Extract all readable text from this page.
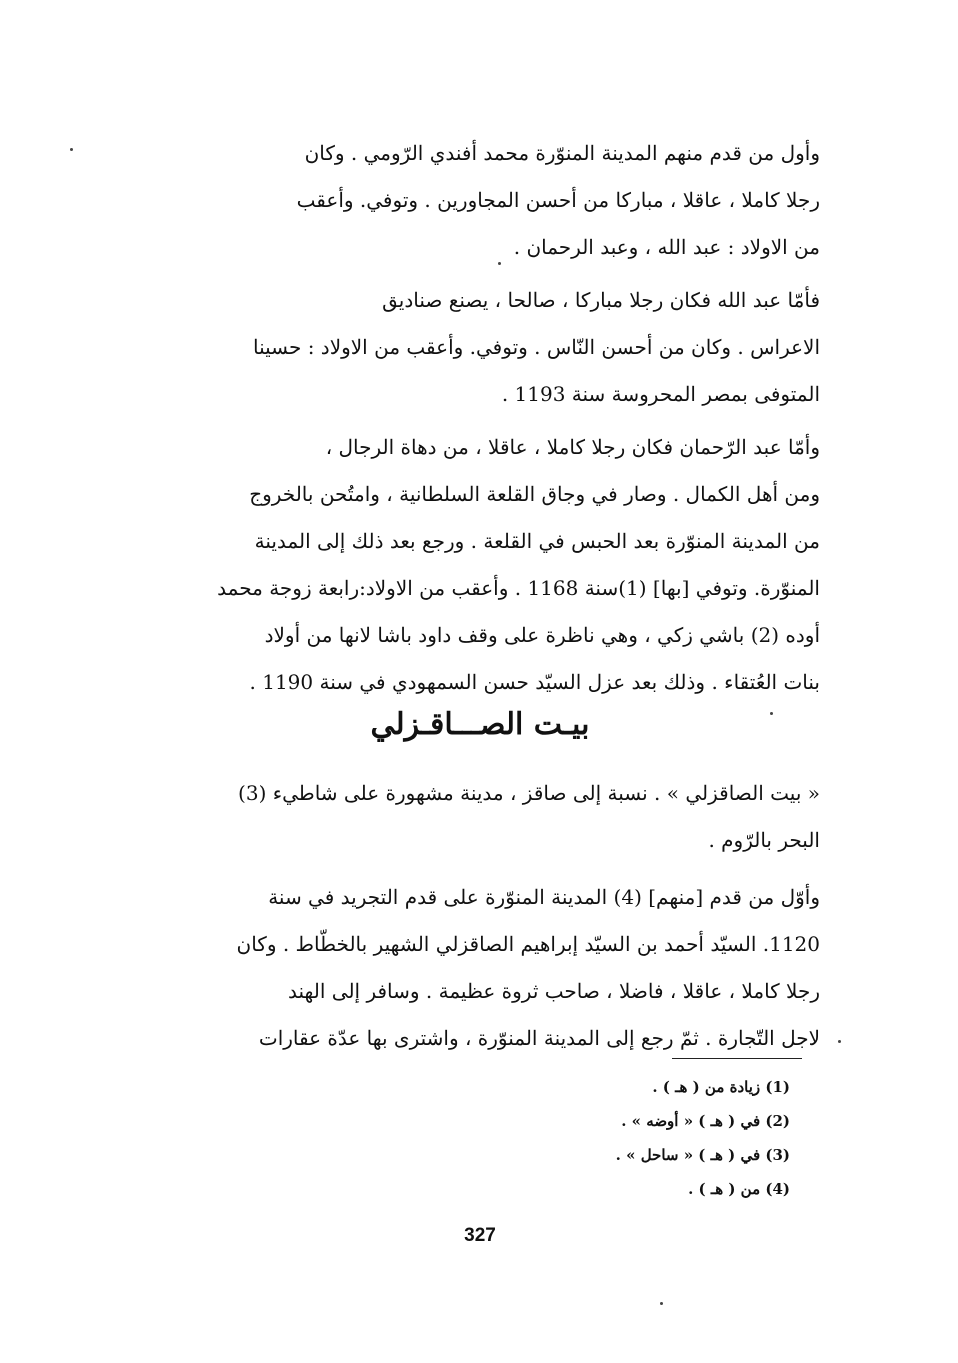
وأول من قدم منهم المدينة المنوّرة محمد أفندي الرّومي . وكان
رجلا كاملا ، عاقلا ، مباركا من أحسن المجاورين . وتوفي. وأعقب
من الاولاد : عبد الله ، وعبد الرحمان .
فأمّا عبد الله فكان رجلا مباركا ، صالحا ، يصنع صناديق
الاعراس . وكان من أحسن النّاس . وتوفي. وأعقب من الاولاد : حسينا
المتوفى بمصر المحروسة سنة 1193 .
وأمّا عبد الرّحمان فكان رجلا كاملا ، عاقلا ، من دهاة الرجال ،
ومن أهل الكمال . وصار في وجاق القلعة السلطانية ، وامتُحن بالخروج
من المدينة المنوّرة بعد الحبس في القلعة . ورجع بعد ذلك إلى المدينة
المنوّرة. وتوفي [بها] (1)سنة 1168 . وأعقب من الاولاد:رابعة زوجة محمد
أوده (2) باشي زكي ، وهي ناظرة على وقف داود باشا لانها من أولاد
بنات العُتقاء . وذلك بعد عزل السيّد حسن السمهودي في سنة 1190 .
بيـت الصـــاقـزلي
« بيت الصاقزلي » . نسبة إلى صاقز ، مدينة مشهورة على شاطيء (3)
البحر بالرّوم .
وأوّل من قدم [منهم] (4) المدينة المنوّرة على قدم التجريد في سنة
1120. السيّد أحمد بن السيّد إبراهيم الصاقزلي الشهير بالخطّاط . وكان
رجلا كاملا ، عاقلا ، فاضلا ، صاحب ثروة عظيمة . وسافر إلى الهند
لاجل التّجارة . ثمّ رجع إلى المدينة المنوّرة ، واشترى بها عدّة عقارات
(1) زيادة من ( هـ ) .
(2) في ( هـ ) « أوضه » .
(3) في ( هـ ) « ساحل » .
(4) من ( هـ ) .
327
